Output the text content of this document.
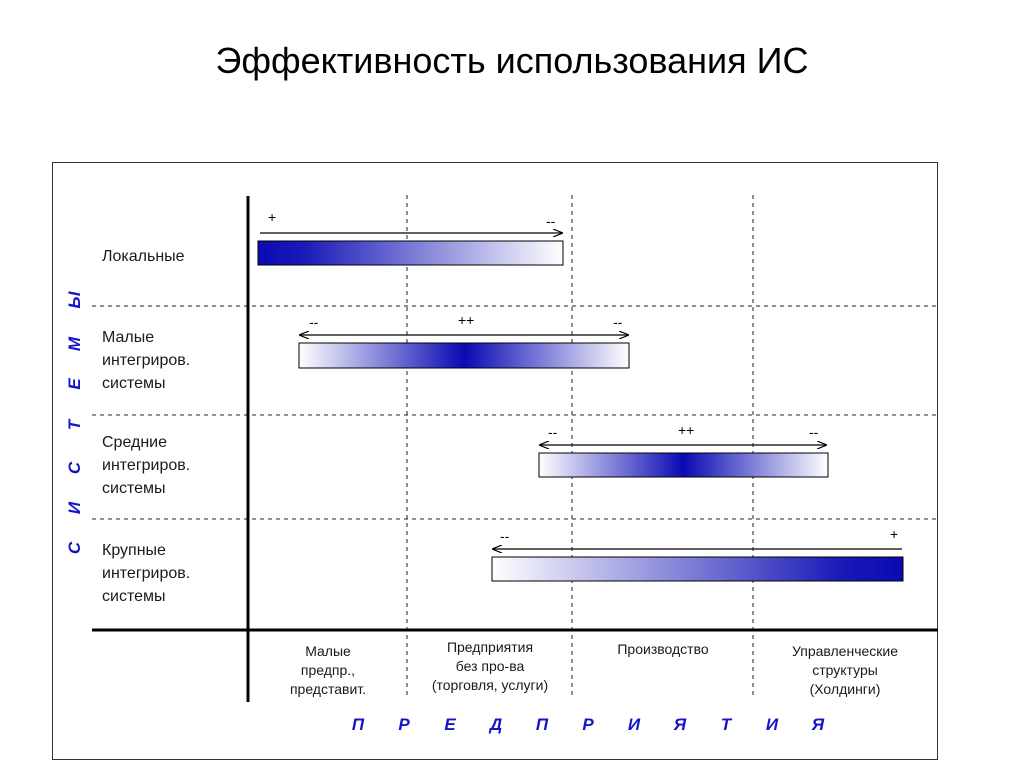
Эффективность использования ИС
С
И
С
Т
Е
М
Ы
П Р Е Д П Р И Я Т И Я
Локальные
Малые
интегриров.
системы
Средние
интегриров.
системы
Крупные
интегриров.
системы
Малые
предпр.,
представит.
Предприятия
без про-ва
(торговля, услуги)
Производство	Управленческие
структуры
(Холдинги)
+	--
--	++	--
--	++	--
--	+
